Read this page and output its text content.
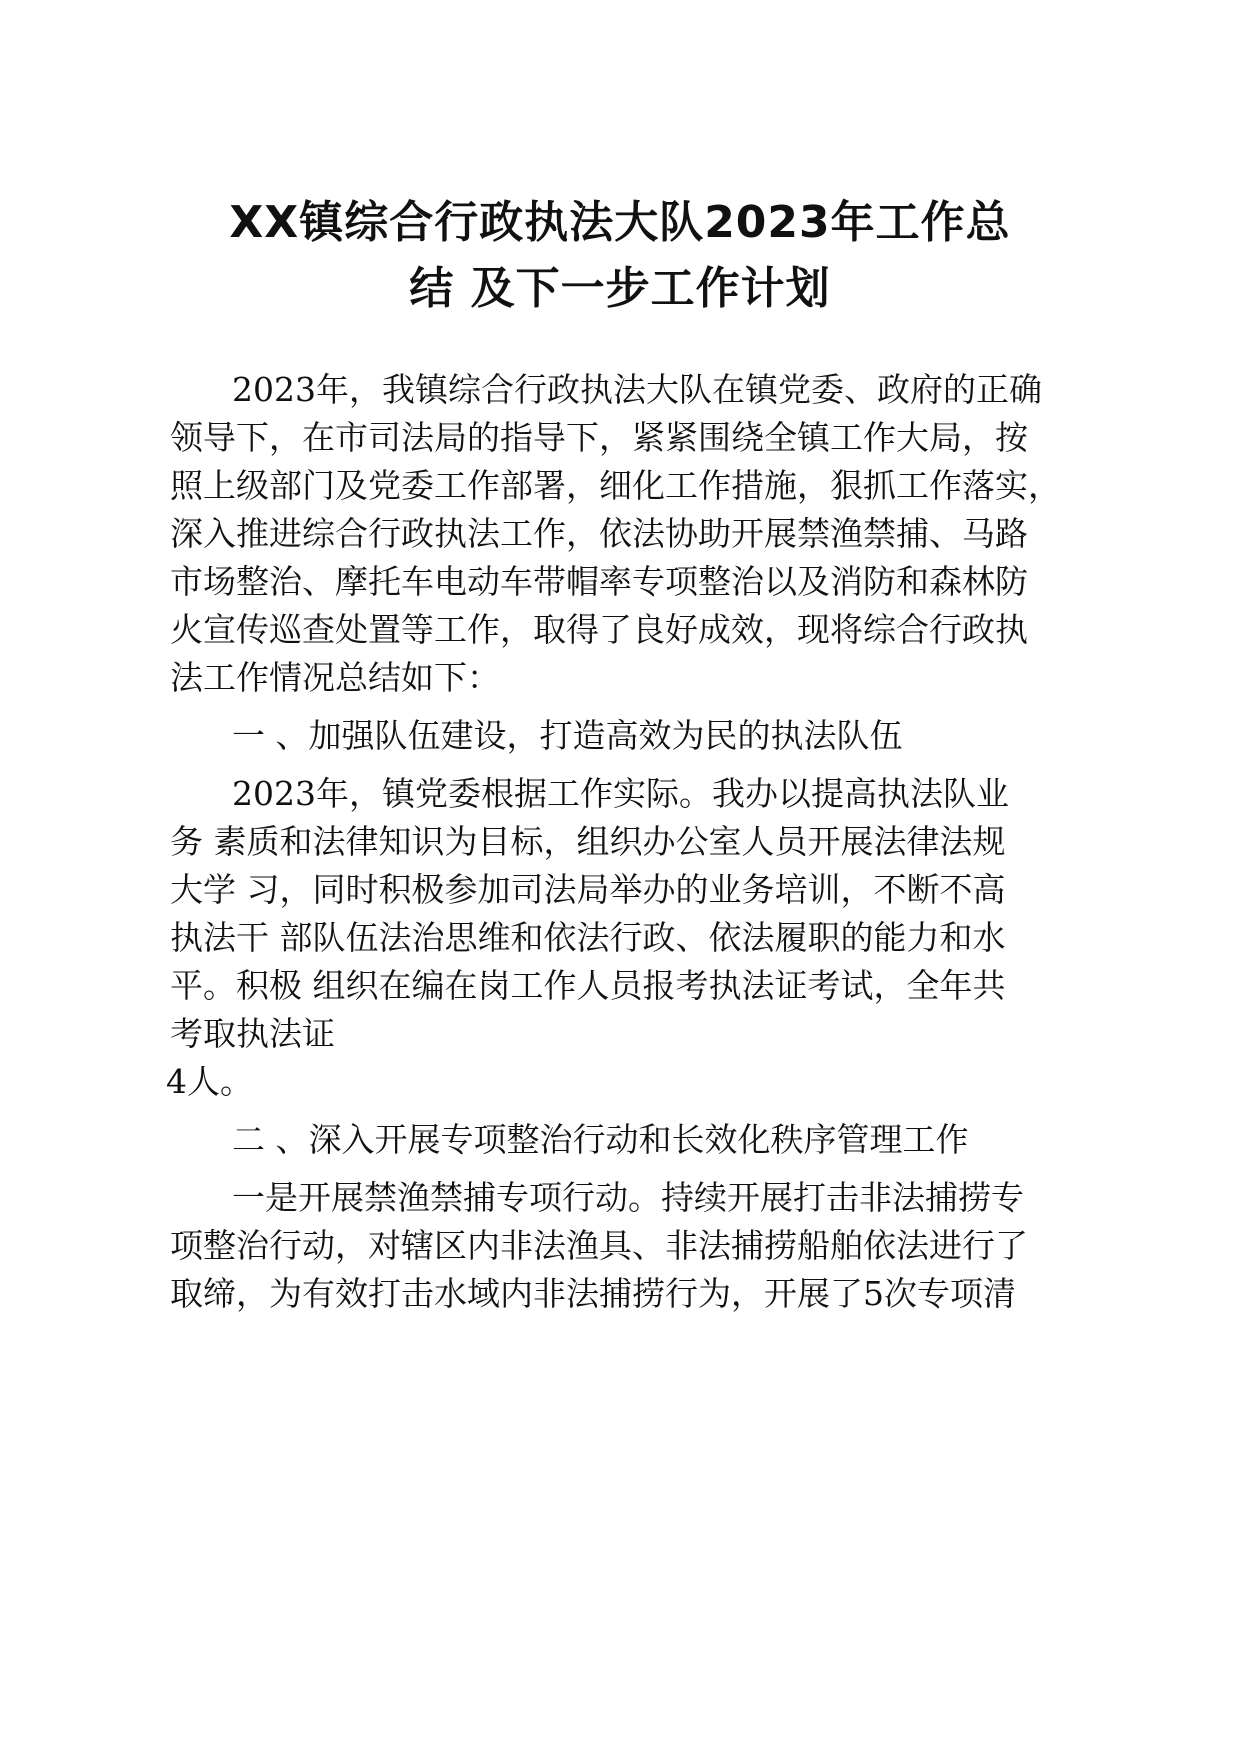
XX镇综合行政执法大队2023年工作总
结 及下一步工作计划
2023年，我镇综合行政执法大队在镇党委、政府的正确
领导下，在市司法局的指导下，紧紧围绕全镇工作大局，按
照上级部门及党委工作部署，细化工作措施，狠抓工作落实，
深入推进综合行政执法工作，依法协助开展禁渔禁捕、马路
市场整治、摩托车电动车带帽率专项整治以及消防和森林防
火宣传巡查处置等工作，取得了良好成效，现将综合行政执
法工作情况总结如下：
一 、加强队伍建设，打造高效为民的执法队伍
2023年，镇党委根据工作实际。我办以提高执法队业
务 素质和法律知识为目标，组织办公室人员开展法律法规
大学 习，同时积极参加司法局举办的业务培训，不断不高
执法干 部队伍法治思维和依法行政、依法履职的能力和水
平。积极 组织在编在岗工作人员报考执法证考试，全年共
考取执法证
4人。
二 、深入开展专项整治行动和长效化秩序管理工作
一是开展禁渔禁捕专项行动。持续开展打击非法捕捞专
项整治行动，对辖区内非法渔具、非法捕捞船舶依法进行了
取缔，为有效打击水域内非法捕捞行为，开展了5次专项清
